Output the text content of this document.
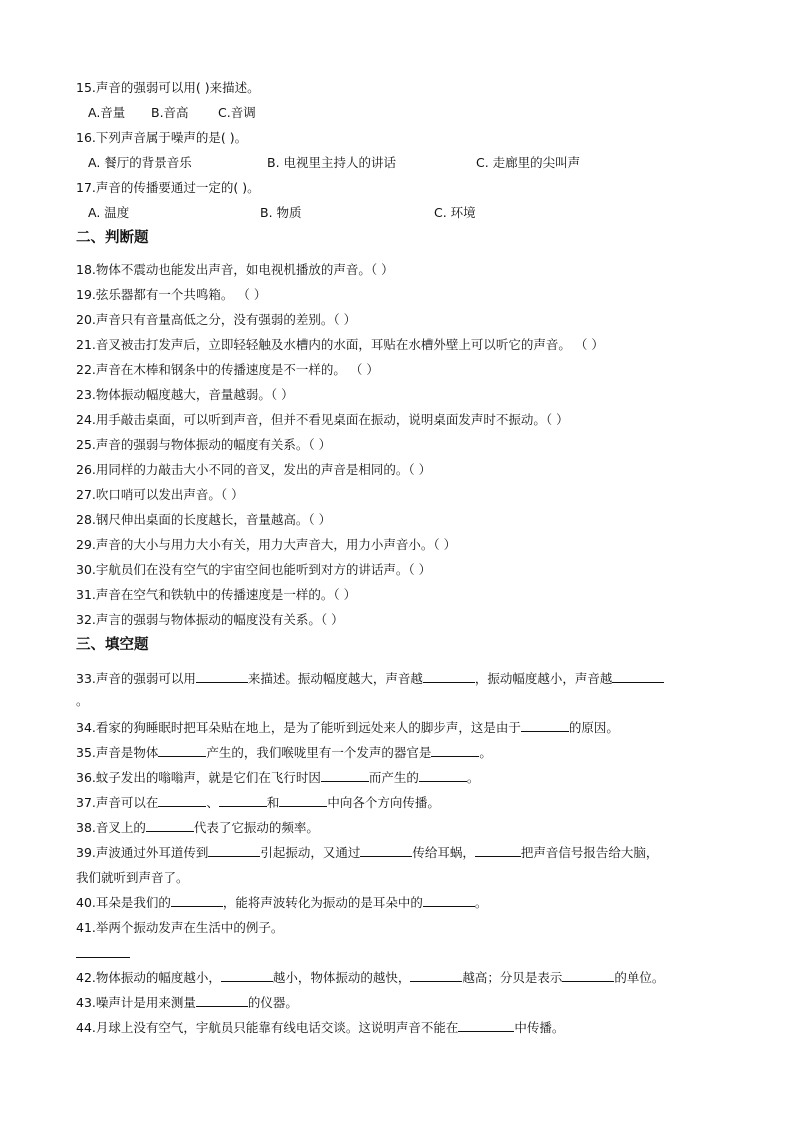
15.声音的强弱可以用( )来描述。
A.音量 B.音高 C.音调
16.下列声音属于噪声的是( )。
A. 餐厅的背景音乐	B. 电视里主持人的讲话	C. 走廊里的尖叫声
17.声音的传播要通过一定的( )。
A. 温度	B. 物质	C. 环境
二、判断题
18.物体不震动也能发出声音，如电视机播放的声音。（ ）
19.弦乐器都有一个共鸣箱。 （ ）
20.声音只有音量高低之分，没有强弱的差别。（ ）
21.音叉被击打发声后，立即轻轻触及水槽内的水面，耳贴在水槽外壁上可以听它的声音。 （ ）
22.声音在木棒和钢条中的传播速度是不一样的。 （ ）
23.物体振动幅度越大，音量越弱。（ ）
24.用手敲击桌面，可以听到声音，但并不看见桌面在振动，说明桌面发声时不振动。（ ）
25.声音的强弱与物体振动的幅度有关系。（ ）
26.用同样的力敲击大小不同的音叉，发出的声音是相同的。（ ）
27.吹口哨可以发出声音。（ ）
28.钢尺伸出桌面的长度越长，音量越高。（ ）
29.声音的大小与用力大小有关，用力大声音大，用力小声音小。（ ）
30.宇航员们在没有空气的宇宙空间也能听到对方的讲话声。（ ）
31.声音在空气和铁轨中的传播速度是一样的。（ ）
32.声言的强弱与物体振动的幅度没有关系。（ ）
三、填空题
33.声音的强弱可以用	来描述。振动幅度越大，声音越	，振动幅度越小，声音越
。
34.看家的狗睡眠时把耳朵贴在地上，是为了能听到远处来人的脚步声，这是由于	的原因。
35.声音是物体	产生的，我们喉咙里有一个发声的器官是	。
36.蚊子发出的嗡嗡声，就是它们在飞行时因	而产生的	。
37.声音可以在	、	和	中向各个方向传播。
38.音叉上的	代表了它振动的频率。
39.声波通过外耳道传到	引起振动，又通过	传给耳蜗，	把声音信号报告给大脑，
我们就听到声音了。
40.耳朵是我们的	，能将声波转化为振动的是耳朵中的	。
41.举两个振动发声在生活中的例子。
42.物体振动的幅度越小，	越小，物体振动的越快，	越高；分贝是表示	的单位。
43.噪声计是用来测量	的仪器。
44.月球上没有空气，宇航员只能靠有线电话交谈。这说明声音不能在	中传播。
